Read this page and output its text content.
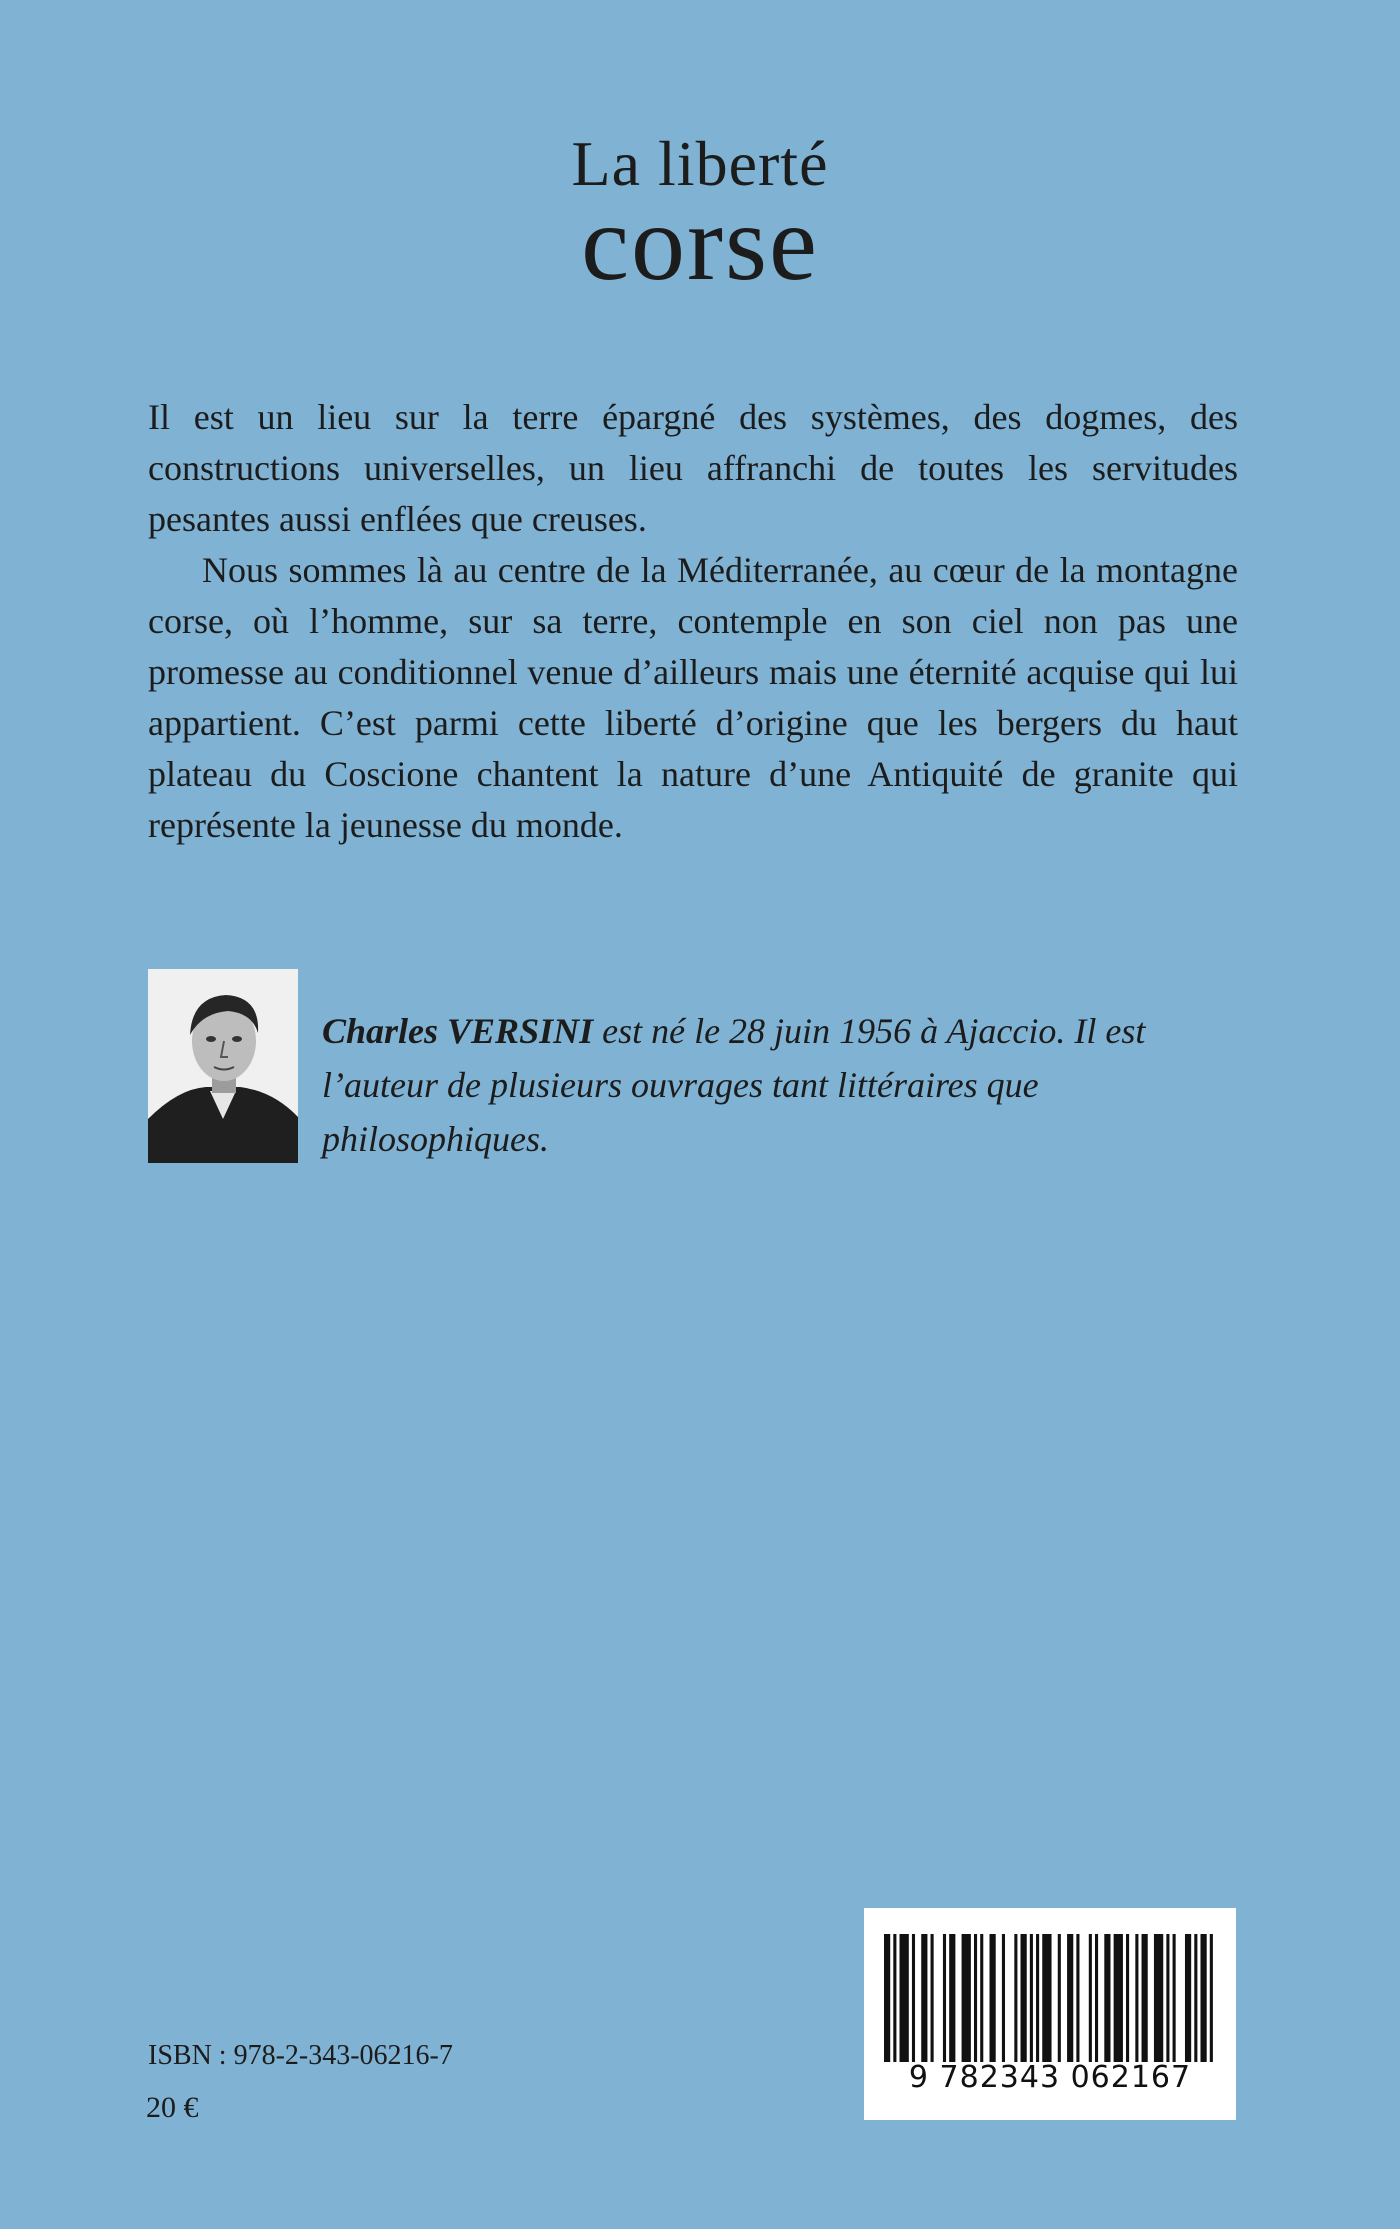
La liberté
corse

Il est un lieu sur la terre épargné des systèmes, des dogmes, des constructions universelles, un lieu affranchi de toutes les servitudes pesantes aussi enflées que creuses.

Nous sommes là au centre de la Méditerranée, au cœur de la montagne corse, où l’homme, sur sa terre, contemple en son ciel non pas une promesse au conditionnel venue d’ailleurs mais une éternité acquise qui lui appartient. C’est parmi cette liberté d’origine que les bergers du haut plateau du Coscione chantent la nature d’une Antiquité de granite qui représente la jeunesse du monde.

Charles VERSINI est né le 28 juin 1956 à Ajaccio. Il est l’auteur de plusieurs ouvrages tant littéraires que philosophiques.
9 782343 062167
ISBN : 978-2-343-06216-7
20 €
